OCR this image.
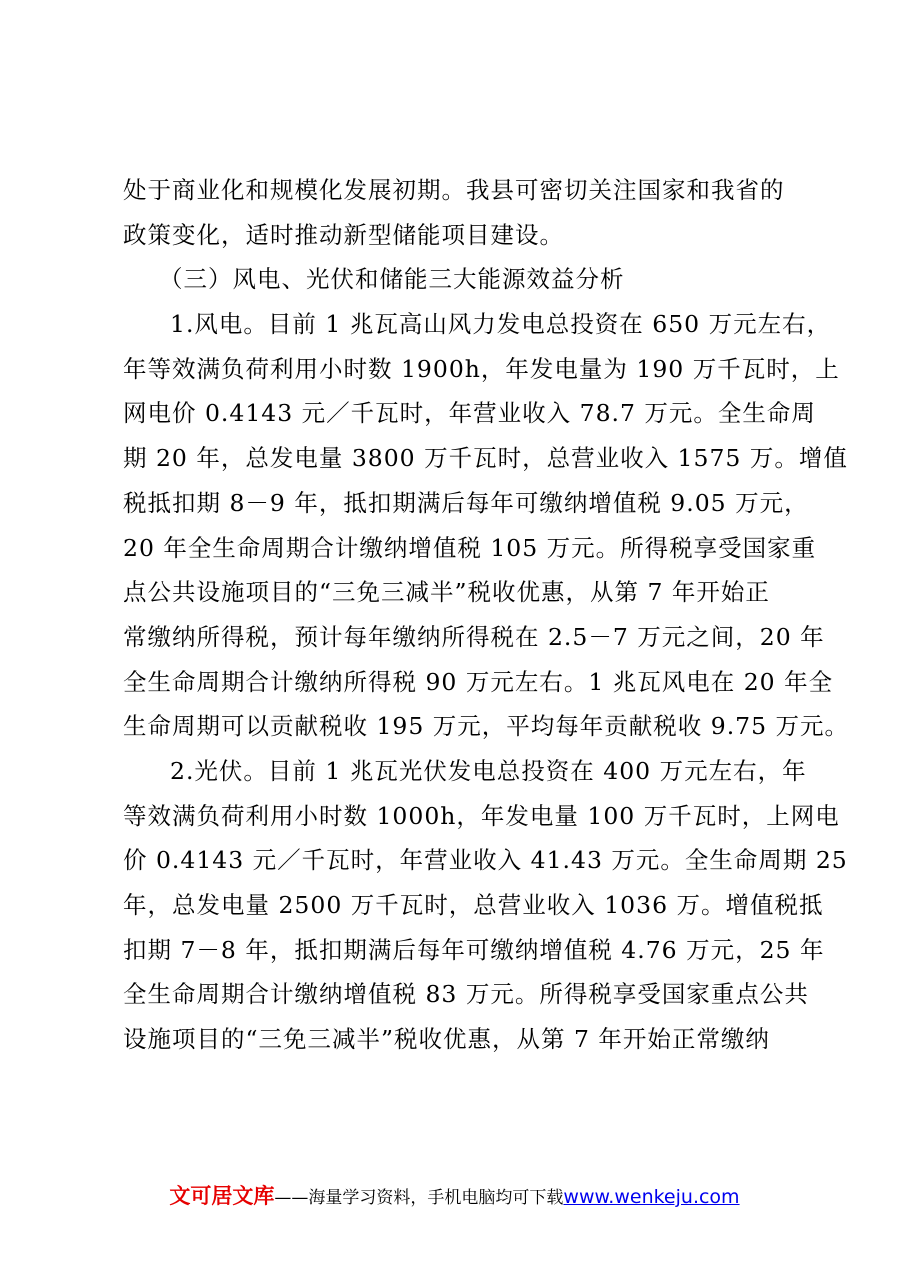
处于商业化和规模化发展初期。我县可密切关注国家和我省的
政策变化，适时推动新型储能项目建设。
（三）风电、光伏和储能三大能源效益分析
1.风电。目前 1 兆瓦高山风力发电总投资在 650 万元左右，
年等效满负荷利用小时数 1900h，年发电量为 190 万千瓦时，上
网电价 0.4143 元／千瓦时，年营业收入 78.7 万元。全生命周
期 20 年，总发电量 3800 万千瓦时，总营业收入 1575 万。增值
税抵扣期 8－9 年，抵扣期满后每年可缴纳增值税 9.05 万元，
20 年全生命周期合计缴纳增值税 105 万元。所得税享受国家重
点公共设施项目的“三免三减半”税收优惠，从第 7 年开始正
常缴纳所得税，预计每年缴纳所得税在 2.5－7 万元之间，20 年
全生命周期合计缴纳所得税 90 万元左右。1 兆瓦风电在 20 年全
生命周期可以贡献税收 195 万元，平均每年贡献税收 9.75 万元。
2.光伏。目前 1 兆瓦光伏发电总投资在 400 万元左右，年
等效满负荷利用小时数 1000h，年发电量 100 万千瓦时，上网电
价 0.4143 元／千瓦时，年营业收入 41.43 万元。全生命周期 25
年，总发电量 2500 万千瓦时，总营业收入 1036 万。增值税抵
扣期 7－8 年，抵扣期满后每年可缴纳增值税 4.76 万元，25 年
全生命周期合计缴纳增值税 83 万元。所得税享受国家重点公共
设施项目的“三免三减半”税收优惠，从第 7 年开始正常缴纳
文可居文库——海量学习资料，手机电脑均可下载www.wenkeju.com
